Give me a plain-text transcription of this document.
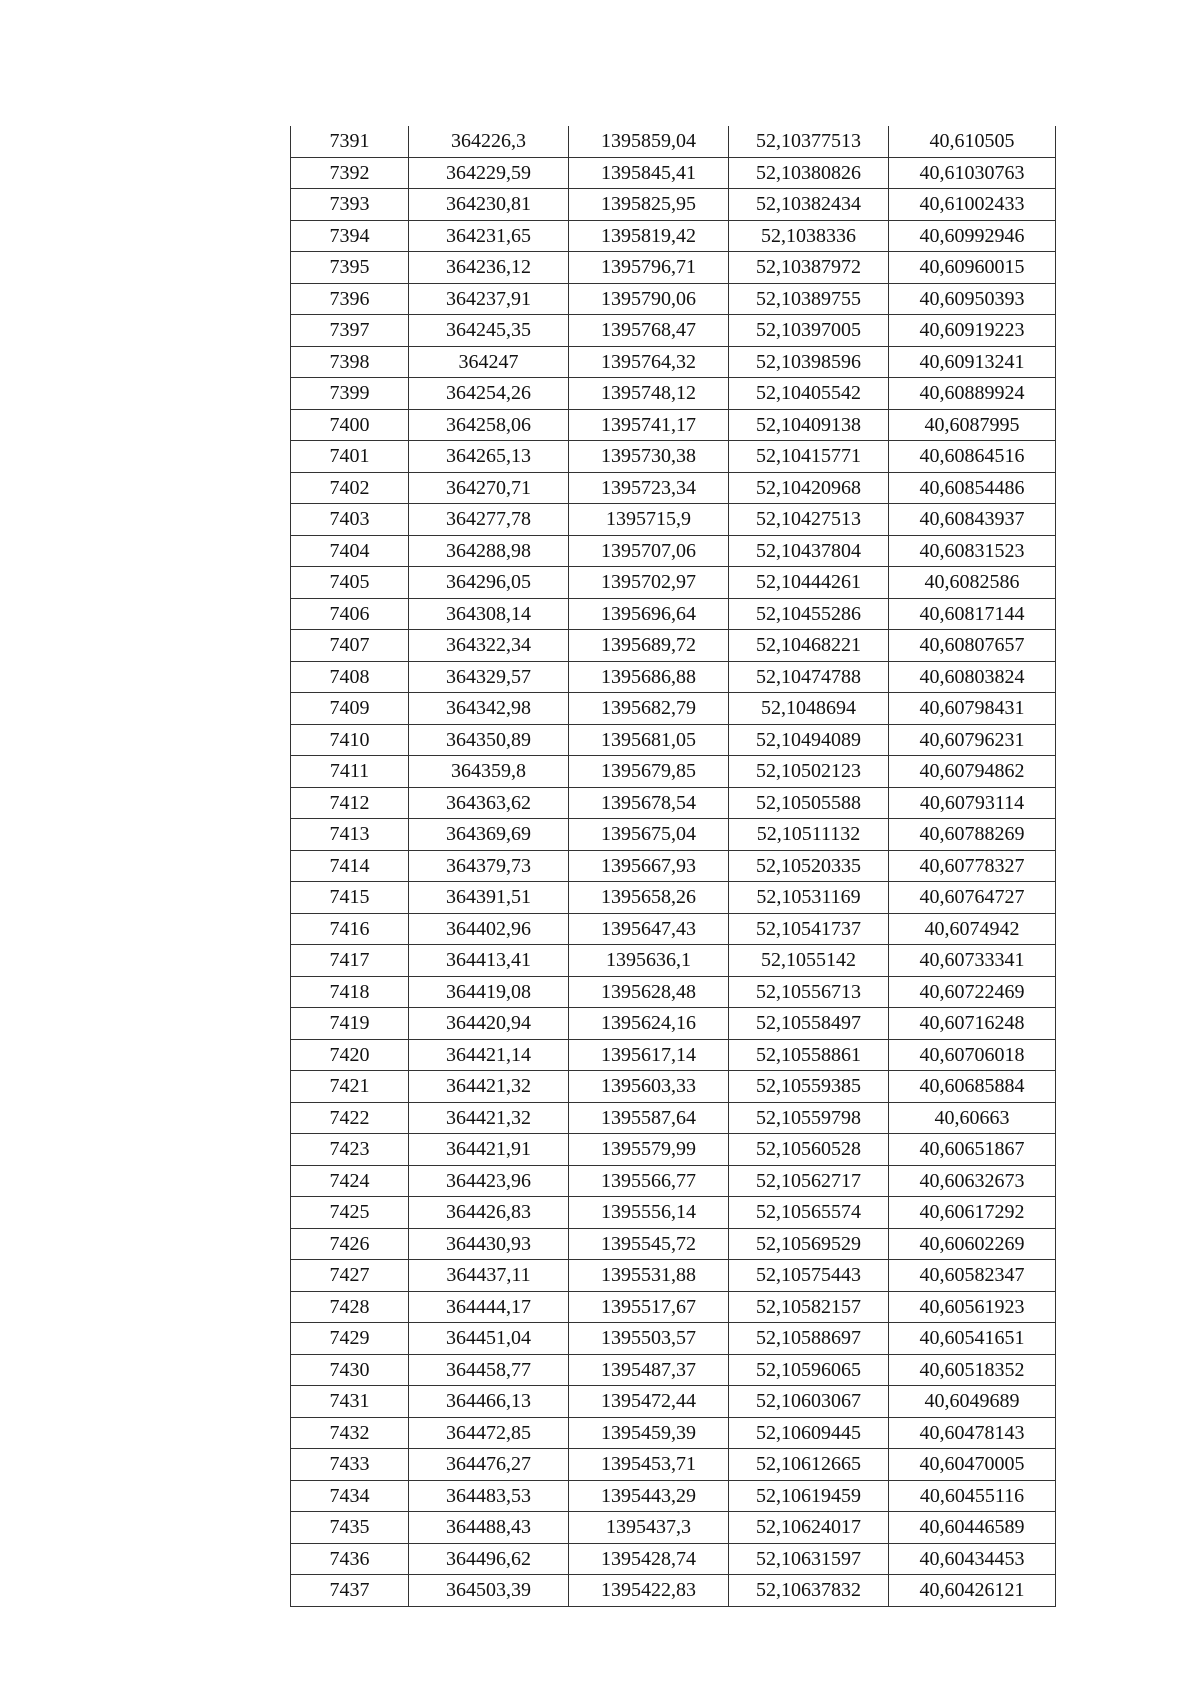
7391	364226,3	1395859,04	52,10377513	40,610505
7392	364229,59	1395845,41	52,10380826	40,61030763
7393	364230,81	1395825,95	52,10382434	40,61002433
7394	364231,65	1395819,42	52,1038336	40,60992946
7395	364236,12	1395796,71	52,10387972	40,60960015
7396	364237,91	1395790,06	52,10389755	40,60950393
7397	364245,35	1395768,47	52,10397005	40,60919223
7398	364247	1395764,32	52,10398596	40,60913241
7399	364254,26	1395748,12	52,10405542	40,60889924
7400	364258,06	1395741,17	52,10409138	40,6087995
7401	364265,13	1395730,38	52,10415771	40,60864516
7402	364270,71	1395723,34	52,10420968	40,60854486
7403	364277,78	1395715,9	52,10427513	40,60843937
7404	364288,98	1395707,06	52,10437804	40,60831523
7405	364296,05	1395702,97	52,10444261	40,6082586
7406	364308,14	1395696,64	52,10455286	40,60817144
7407	364322,34	1395689,72	52,10468221	40,60807657
7408	364329,57	1395686,88	52,10474788	40,60803824
7409	364342,98	1395682,79	52,1048694	40,60798431
7410	364350,89	1395681,05	52,10494089	40,60796231
7411	364359,8	1395679,85	52,10502123	40,60794862
7412	364363,62	1395678,54	52,10505588	40,60793114
7413	364369,69	1395675,04	52,10511132	40,60788269
7414	364379,73	1395667,93	52,10520335	40,60778327
7415	364391,51	1395658,26	52,10531169	40,60764727
7416	364402,96	1395647,43	52,10541737	40,6074942
7417	364413,41	1395636,1	52,1055142	40,60733341
7418	364419,08	1395628,48	52,10556713	40,60722469
7419	364420,94	1395624,16	52,10558497	40,60716248
7420	364421,14	1395617,14	52,10558861	40,60706018
7421	364421,32	1395603,33	52,10559385	40,60685884
7422	364421,32	1395587,64	52,10559798	40,60663
7423	364421,91	1395579,99	52,10560528	40,60651867
7424	364423,96	1395566,77	52,10562717	40,60632673
7425	364426,83	1395556,14	52,10565574	40,60617292
7426	364430,93	1395545,72	52,10569529	40,60602269
7427	364437,11	1395531,88	52,10575443	40,60582347
7428	364444,17	1395517,67	52,10582157	40,60561923
7429	364451,04	1395503,57	52,10588697	40,60541651
7430	364458,77	1395487,37	52,10596065	40,60518352
7431	364466,13	1395472,44	52,10603067	40,6049689
7432	364472,85	1395459,39	52,10609445	40,60478143
7433	364476,27	1395453,71	52,10612665	40,60470005
7434	364483,53	1395443,29	52,10619459	40,60455116
7435	364488,43	1395437,3	52,10624017	40,60446589
7436	364496,62	1395428,74	52,10631597	40,60434453
7437	364503,39	1395422,83	52,10637832	40,60426121
